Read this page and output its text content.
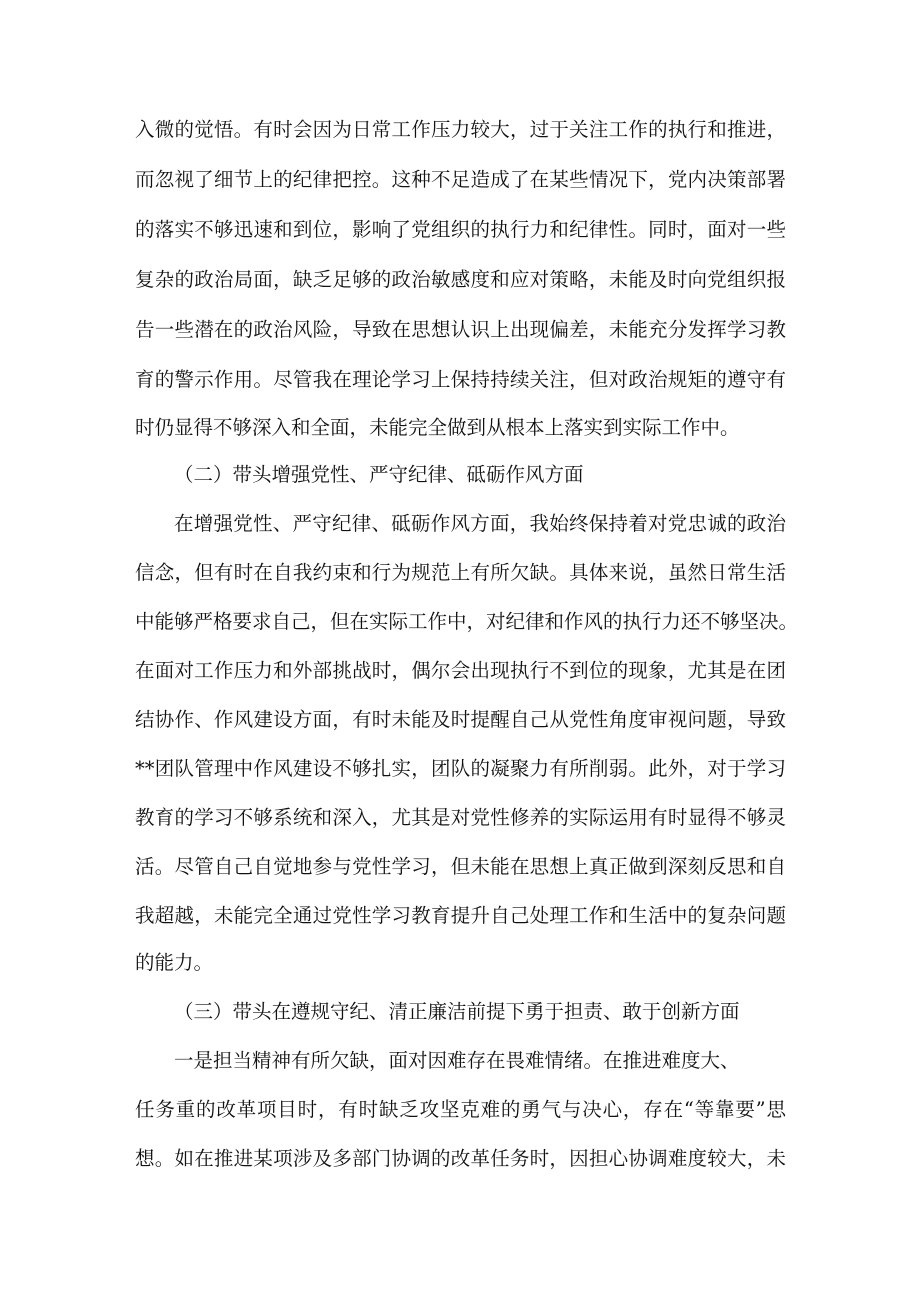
入微的觉悟。有时会因为日常工作压力较大，过于关注工作的执行和推进，
而忽视了细节上的纪律把控。这种不足造成了在某些情况下，党内决策部署
的落实不够迅速和到位，影响了党组织的执行力和纪律性。同时，面对一些
复杂的政治局面，缺乏足够的政治敏感度和应对策略，未能及时向党组织报
告一些潜在的政治风险，导致在思想认识上出现偏差，未能充分发挥学习教
育的警示作用。尽管我在理论学习上保持持续关注，但对政治规矩的遵守有
时仍显得不够深入和全面，未能完全做到从根本上落实到实际工作中。
（二）带头增强党性、严守纪律、砥砺作风方面
在增强党性、严守纪律、砥砺作风方面，我始终保持着对党忠诚的政治
信念，但有时在自我约束和行为规范上有所欠缺。具体来说，虽然日常生活
中能够严格要求自己，但在实际工作中，对纪律和作风的执行力还不够坚决。
在面对工作压力和外部挑战时，偶尔会出现执行不到位的现象，尤其是在团
结协作、作风建设方面，有时未能及时提醒自己从党性角度审视问题，导致
**团队管理中作风建设不够扎实，团队的凝聚力有所削弱。此外，对于学习
教育的学习不够系统和深入，尤其是对党性修养的实际运用有时显得不够灵
活。尽管自己自觉地参与党性学习，但未能在思想上真正做到深刻反思和自
我超越，未能完全通过党性学习教育提升自己处理工作和生活中的复杂问题
的能力。
（三）带头在遵规守纪、清正廉洁前提下勇于担责、敢于创新方面
一是担当精神有所欠缺，面对因难存在畏难情绪。在推进难度大、
任务重的改革项目时，有时缺乏攻坚克难的勇气与决心，存在“等靠要”思
想。如在推进某项涉及多部门协调的改革任务时，因担心协调难度较大，未
